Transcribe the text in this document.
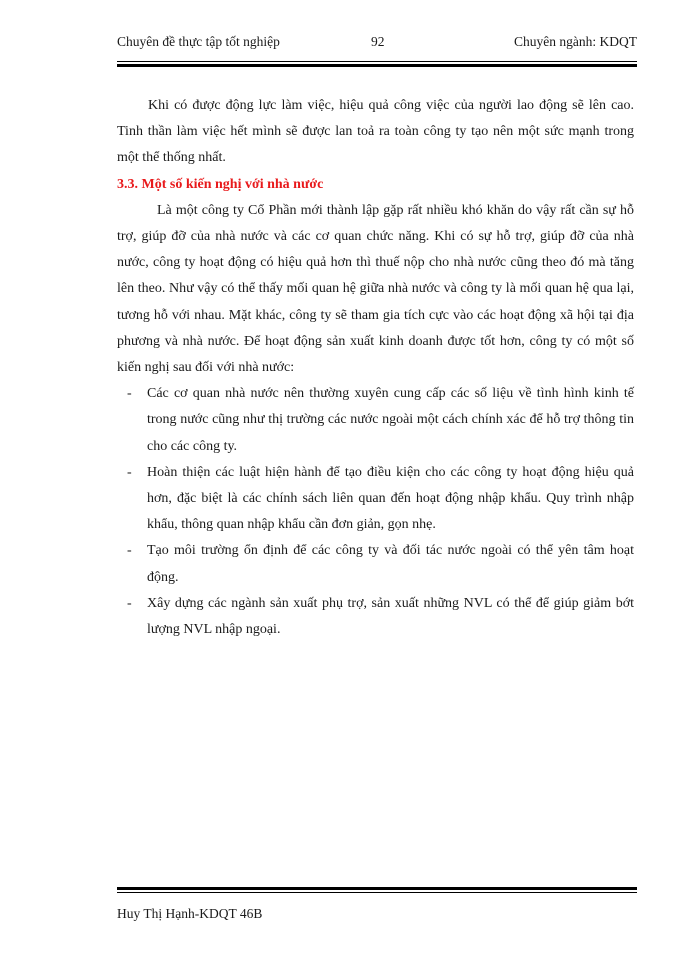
Chuyên đề thực tập tốt nghiệp	92	Chuyên ngành: KDQT

Khi có được động lực làm việc, hiệu quả công việc của người lao động sẽ lên cao. Tinh thần làm việc hết mình sẽ được lan toả ra toàn công ty tạo nên một sức mạnh trong một thể thống nhất.

3.3. Một số kiến nghị với nhà nước

Là một công ty Cổ Phần mới thành lập gặp rất nhiều khó khăn do vậy rất cần sự hỗ trợ, giúp đỡ của nhà nước và các cơ quan chức năng. Khi có sự hỗ trợ, giúp đỡ của nhà nước, công ty hoạt động có hiệu quả hơn thì thuế nộp cho nhà nước cũng theo đó mà tăng lên theo. Như vậy có thể thấy mối quan hệ giữa nhà nước và công ty là mối quan hệ qua lại, tương hỗ với nhau. Mặt khác, công ty sẽ tham gia tích cực vào các hoạt động xã hội tại địa phương và nhà nước. Để hoạt động sản xuất kinh doanh được tốt hơn, công ty có một số kiến nghị sau đối với nhà nước:

- Các cơ quan nhà nước nên thường xuyên cung cấp các số liệu về tình hình kinh tế trong nước cũng như thị trường các nước ngoài một cách chính xác để hỗ trợ thông tin cho các công ty.
- Hoàn thiện các luật hiện hành để tạo điều kiện cho các công ty hoạt động hiệu quả hơn, đặc biệt là các chính sách liên quan đến hoạt động nhập khẩu. Quy trình nhập khẩu, thông quan nhập khẩu cần đơn giản, gọn nhẹ.
- Tạo môi trường ổn định để các công ty và đối tác nước ngoài có thể yên tâm hoạt động.
- Xây dựng các ngành sản xuất phụ trợ, sản xuất những NVL có thể để giúp giảm bớt lượng NVL nhập ngoại.
Huy Thị Hạnh-KDQT 46B
